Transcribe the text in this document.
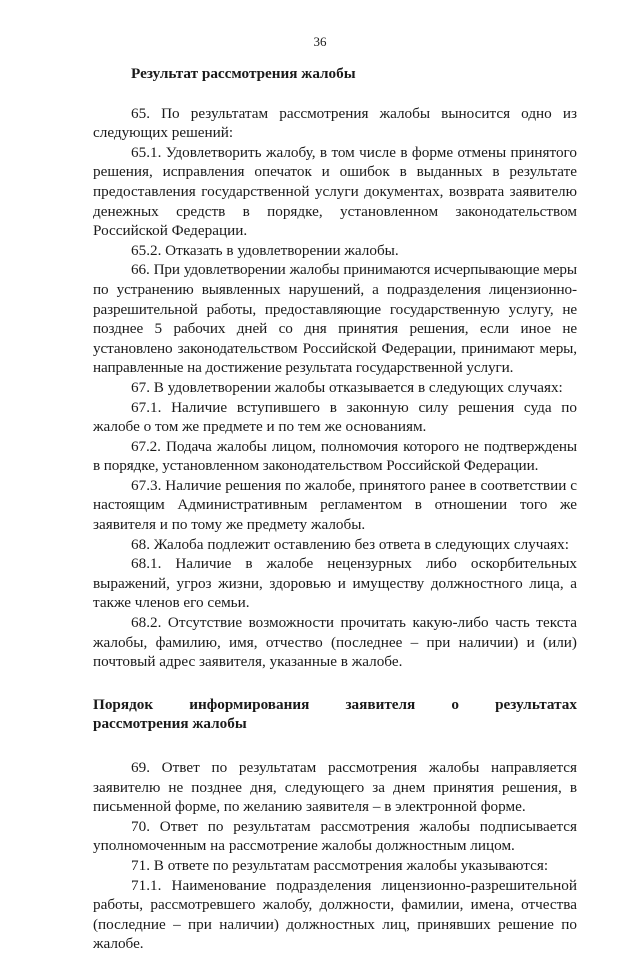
36
Результат рассмотрения жалобы

65. По результатам рассмотрения жалобы выносится одно из следующих решений:

65.1. Удовлетворить жалобу, в том числе в форме отмены принятого решения, исправления опечаток и ошибок в выданных в результате предоставления государственной услуги документах, возврата заявителю денежных средств в порядке, установленном законодательством Российской Федерации.

65.2. Отказать в удовлетворении жалобы.

66. При удовлетворении жалобы принимаются исчерпывающие меры по устранению выявленных нарушений, а подразделения лицензионно-разрешительной работы, предоставляющие государственную услугу, не позднее 5 рабочих дней со дня принятия решения, если иное не установлено законодательством Российской Федерации, принимают меры, направленные на достижение результата государственной услуги.

67. В удовлетворении жалобы отказывается в следующих случаях:

67.1. Наличие вступившего в законную силу решения суда по жалобе о том же предмете и по тем же основаниям.

67.2. Подача жалобы лицом, полномочия которого не подтверждены в порядке, установленном законодательством Российской Федерации.

67.3. Наличие решения по жалобе, принятого ранее в соответствии с настоящим Административным регламентом в отношении того же заявителя и по тому же предмету жалобы.

68. Жалоба подлежит оставлению без ответа в следующих случаях:

68.1. Наличие в жалобе нецензурных либо оскорбительных выражений, угроз жизни, здоровью и имуществу должностного лица, а также членов его семьи.

68.2. Отсутствие возможности прочитать какую-либо часть текста жалобы, фамилию, имя, отчество (последнее – при наличии) и (или) почтовый адрес заявителя, указанные в жалобе.

Порядок информирования заявителя о результатах
рассмотрения жалобы

69. Ответ по результатам рассмотрения жалобы направляется заявителю не позднее дня, следующего за днем принятия решения, в письменной форме, по желанию заявителя – в электронной форме.

70. Ответ по результатам рассмотрения жалобы подписывается уполномоченным на рассмотрение жалобы должностным лицом.

71. В ответе по результатам рассмотрения жалобы указываются:

71.1. Наименование подразделения лицензионно-разрешительной работы, рассмотревшего жалобу, должности, фамилии, имена, отчества (последние – при наличии) должностных лиц, принявших решение по жалобе.
